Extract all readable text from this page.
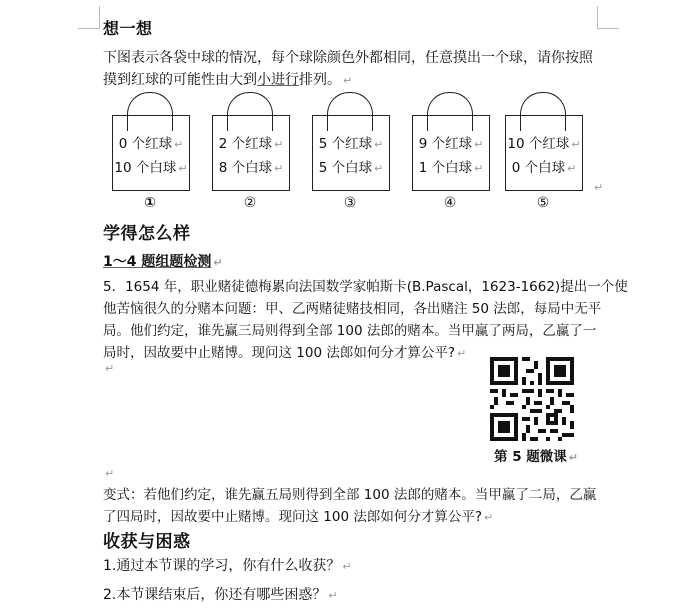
想一想
下图表示各袋中球的情况，每个球除颜色外都相同，任意摸出一个球，请你按照
摸到红球的可能性由大到小进行排列。 ↵
0 个红球 ↵
10 个白球 ↵
2 个红球 ↵
8 个白球 ↵
5 个红球 ↵
5 个白球 ↵
9 个红球 ↵
1 个白球 ↵
10 个红球 ↵
0 个白球 ↵
①	②	③	④	⑤
↵
学得怎么样
1～4 题组题检测 ↵
5．1654 年，职业赌徒德梅累向法国数学家帕斯卡(B.Pascal，1623-1662)提出一个使
他苦恼很久的分赌本问题：甲、乙两赌徒赌技相同，各出赌注 50 法郎，每局中无平
局。他们约定，谁先赢三局则得到全部 100 法郎的赌本。当甲赢了两局，乙赢了一
局时，因故要中止赌博。现问这 100 法郎如何分才算公平? ↵
↵
第 5 题微课 ↵
↵
变式：若他们约定，谁先赢五局则得到全部 100 法郎的赌本。当甲赢了二局，乙赢
了四局时，因故要中止赌博。现问这 100 法郎如何分才算公平? ↵
收获与困惑
1.通过本节课的学习，你有什么收获？ ↵
2.本节课结束后，你还有哪些困惑？ ↵
